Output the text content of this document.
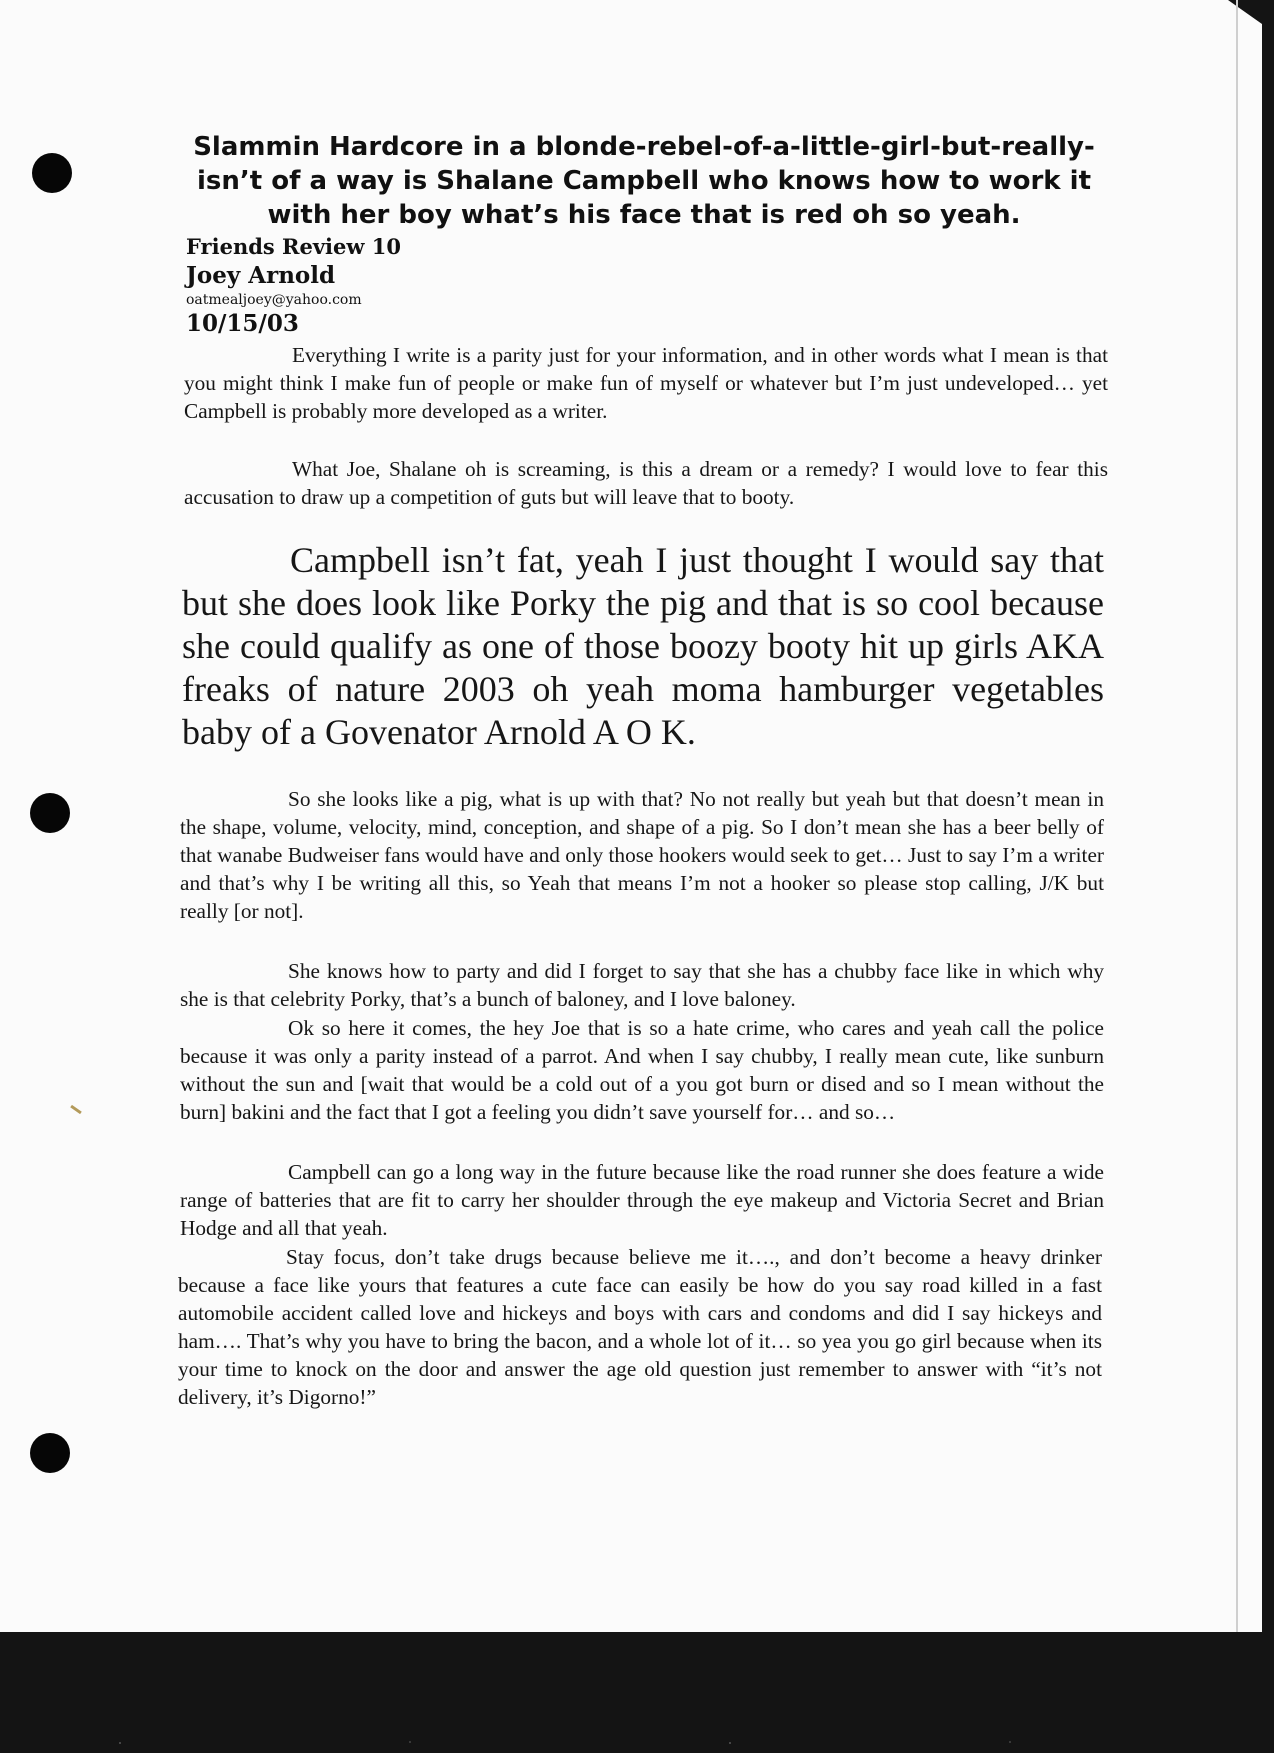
Slammin Hardcore in a blonde-rebel-of-a-little-girl-but-really-isn’t of a way is Shalane Campbell who knows how to work it with her boy what’s his face that is red oh so yeah.

Friends Review 10

Joey Arnold

oatmealjoey@yahoo.com

10/15/03

Everything I write is a parity just for your information, and in other words what I mean is that you might think I make fun of people or make fun of myself or whatever but I’m just undeveloped… yet Campbell is probably more developed as a writer.

What Joe, Shalane oh is screaming, is this a dream or a remedy? I would love to fear this accusation to draw up a competition of guts but will leave that to booty.

Campbell isn’t fat, yeah I just thought I would say that but she does look like Porky the pig and that is so cool because she could qualify as one of those boozy booty hit up girls AKA freaks of nature 2003 oh yeah moma hamburger vegetables baby of a Govenator Arnold A O K.

So she looks like a pig, what is up with that? No not really but yeah but that doesn’t mean in the shape, volume, velocity, mind, conception, and shape of a pig. So I don’t mean she has a beer belly of that wanabe Budweiser fans would have and only those hookers would seek to get… Just to say I’m a writer and that’s why I be writing all this, so Yeah that means I’m not a hooker so please stop calling, J/K but really [or not].

She knows how to party and did I forget to say that she has a chubby face like in which why she is that celebrity Porky, that’s a bunch of baloney, and I love baloney.

Ok so here it comes, the hey Joe that is so a hate crime, who cares and yeah call the police because it was only a parity instead of a parrot. And when I say chubby, I really mean cute, like sunburn without the sun and [wait that would be a cold out of a you got burn or dised and so I mean without the burn] bakini and the fact that I got a feeling you didn’t save yourself for… and so…

Campbell can go a long way in the future because like the road runner she does feature a wide range of batteries that are fit to carry her shoulder through the eye makeup and Victoria Secret and Brian Hodge and all that yeah.

Stay focus, don’t take drugs because believe me it…., and don’t become a heavy drinker because a face like yours that features a cute face can easily be how do you say road killed in a fast automobile accident called love and hickeys and boys with cars and condoms and did I say hickeys and ham…. That’s why you have to bring the bacon, and a whole lot of it… so yea you go girl because when its your time to knock on the door and answer the age old question just remember to answer with “it’s not delivery, it’s Digorno!”
